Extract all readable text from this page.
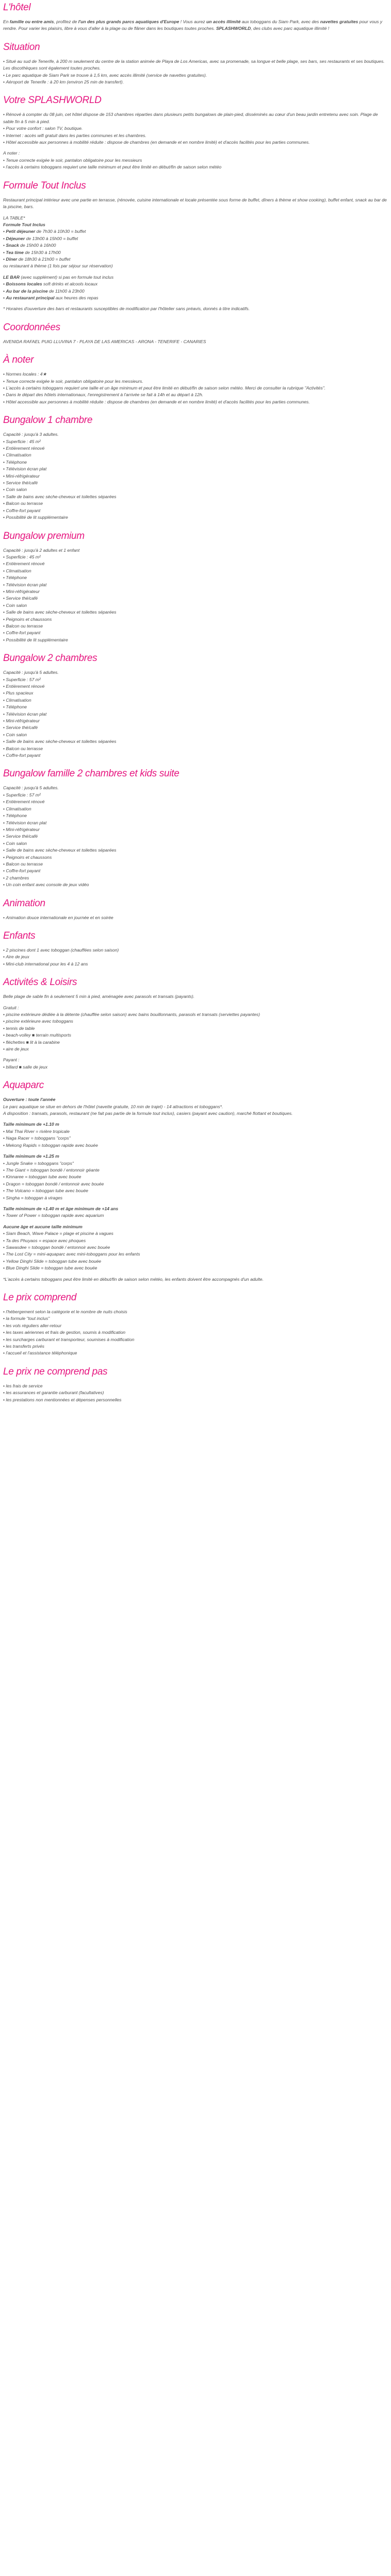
L'hôtel

En famille ou entre amis, profitez de l'un des plus grands parcs aquatiques d'Europe ! Vous aurez un accès illimité aux toboggans du Siam Park, avec des navettes gratuites pour vous y rendre. Pour varier les plaisirs, libre à vous d'aller à la plage ou de flâner dans les boutiques toutes proches. SPLASHWORLD, des clubs avec parc aquatique illimité !

Situation
• Situé au sud de Tenerife, à 200 m seulement du centre de la station animée de Playa de Los Americas, avec sa promenade, sa longue et belle plage, ses bars, ses restaurants et ses boutiques. Les discothèques sont également toutes proches.
• Le parc aquatique de Siam Park se trouve à 1,5 km, avec accès illimité (service de navettes gratuites).
• Aéroport de Tenerife : à 20 km (environ 25 min de transfert).
Votre SPLASHWORLD
• Rénové à compter du 08 juin, cet hôtel dispose de 153 chambres réparties dans plusieurs petits bungalows de plain-pied, disséminés au cœur d'un beau jardin entretenu avec soin. Plage de sable fin à 5 min à pied.
• Pour votre confort : salon TV, boutique.
• Internet : accès wifi gratuit dans les parties communes et les chambres.
• Hôtel accessible aux personnes à mobilité réduite : dispose de chambres (en demande et en nombre limité) et d'accès facilités pour les parties communes.

A noter :

• Tenue correcte exigée le soir, pantalon obligatoire pour les messieurs
• l'accès à certains toboggans requiert une taille minimum et peut être limité en début/fin de saison selon météo
Formule Tout Inclus

Restaurant principal intérieur avec une partie en terrasse, (rénovée, cuisine internationale et locale présentée sous forme de buffet, dîners à thème et show cooking), buffet enfant, snack au bar de la piscine, bars.

LA TABLE*

Formule Tout Inclus

• Petit déjeuner de 7h30 à 10h30 = buffet
• Déjeuner de 13h00 à 15h00 = buffet
• Snack de 15h00 à 16h00
• Tea time de 15h30 à 17h00
• Dîner de 18h30 à 21h00 = buffet

ou restaurant à thème (1 fois par séjour sur réservation)

LE BAR (avec supplément) si pas en formule tout inclus

• Boissons locales soft drinks et alcools locaux
• Au bar de la piscine de 11h00 à 23h00
• Au restaurant principal aux heures des repas

* Horaires d'ouverture des bars et restaurants susceptibles de modification par l'hôtelier sans préavis, donnés à titre indicatifs.

Coordonnées

AVENIDA RAFAEL PUIG LLUVINA 7 - PLAYA DE LAS AMERICAS - ARONA - TENERIFE - CANARIES

À noter
• Normes locales : 4★
• Tenue correcte exigée le soir, pantalon obligatoire pour les messieurs.
• L'accès à certains toboggans requiert une taille et un âge minimum et peut être limité en début/fin de saison selon météo. Merci de consulter la rubrique "Activités".
• Dans le départ des hôtels internationaux, l'enregistrement à l'arrivée se fait à 14h et au départ à 12h.
• Hôtel accessible aux personnes à mobilité réduite : dispose de chambres (en demande et en nombre limité) et d'accès facilités pour les parties communes.
Bungalow 1 chambre

Capacité : jusqu'à 3 adultes.

• Superficie : 45 m²
• Entièrement rénové
• Climatisation
• Téléphone
• Télévision écran plat
• Mini-réfrigérateur
• Service thé/café
• Coin salon
• Salle de bains avec sèche-cheveux et toilettes séparées
• Balcon ou terrasse
• Coffre-fort payant
• Possibilité de lit supplémentaire
Bungalow premium

Capacité : jusqu'à 2 adultes et 1 enfant

• Superficie : 45 m²
• Entièrement rénové
• Climatisation
• Téléphone
• Télévision écran plat
• Mini-réfrigérateur
• Service thé/café
• Coin salon
• Salle de bains avec sèche-cheveux et toilettes séparées
• Peignoirs et chaussons
• Balcon ou terrasse
• Coffre-fort payant
• Possibilité de lit supplémentaire
Bungalow 2 chambres

Capacité : jusqu'à 5 adultes.

• Superficie : 57 m²
• Entièrement rénové
• Plus spacieux
• Climatisation
• Téléphone
• Télévision écran plat
• Mini-réfrigérateur
• Service thé/café
• Coin salon
• Salle de bains avec sèche-cheveux et toilettes séparées
• Balcon ou terrasse
• Coffre-fort payant
Bungalow famille 2 chambres et kids suite

Capacité : jusqu'à 5 adultes.

• Superficie : 57 m²
• Entièrement rénové
• Climatisation
• Téléphone
• Télévision écran plat
• Mini-réfrigérateur
• Service thé/café
• Coin salon
• Salle de bains avec sèche-cheveux et toilettes séparées
• Peignoirs et chaussons
• Balcon ou terrasse
• Coffre-fort payant
• 2 chambres
• Un coin enfant avec console de jeux vidéo
Animation
• Animation douce internationale en journée et en soirée
Enfants
• 2 piscines dont 1 avec toboggan (chauffées selon saison)
• Aire de jeux
• Mini-club international pour les 4 à 12 ans
Activités & Loisirs

Belle plage de sable fin à seulement 5 min à pied, aménagée avec parasols et transats (payants).

Gratuit :

• piscine extérieure dédiée à la détente (chauffée selon saison) avec bains bouillonnants, parasols et transats (serviettes payantes)
• piscine extérieure avec toboggans
• tennis de table
• beach-volley ■ terrain multisports
• fléchettes ■ lit à la carabine
• aire de jeux

Payant :

• billard ■ salle de jeux
Aquaparc

Ouverture : toute l'année

Le parc aquatique se situe en dehors de l'hôtel (navette gratuite, 10 min de trajet) - 14 attractions et toboggans*.

A disposition : transats, parasols, restaurant (ne fait pas partie de la formule tout inclus), casiers (payant avec caution), marché flottant et boutiques.

Taille minimum de +1.10 m

• Mai Thai River = rivière tropicale
• Naga Racer = toboggans "corps"
• Mekong Rapids = toboggan rapide avec bouée

Taille minimum de +1.25 m

• Jungle Snake = toboggans "corps"
• The Giant = toboggan bondé / entonnoir géante
• Kinnaree = toboggan tube avec bouée
• Dragon = toboggan bondé / entonnoir avec bouée
• The Volcano = toboggan tube avec bouée
• Singha = toboggan à virages

Taille minimum de +1.40 m et âge minimum de +14 ans

• Tower of Power = toboggan rapide avec aquarium

Aucune âge et aucune taille minimum

• Siam Beach, Wave Palace = plage et piscine à vagues
• Ta des Phuyaos = espace avec phoques
• Sawasdee = toboggan bondé / entonnoir avec bouée
• The Lost City = mini-aquaparc avec mini-toboggans pour les enfants
• Yellow Dinghi Slide = toboggan tube avec bouée
• Blue Dinghi Slide = toboggan tube avec bouée

*L'accès à certains toboggans peut être limité en début/fin de saison selon météo, les enfants doivent être accompagnés d'un adulte.

Le prix comprend
• l'hébergement selon la catégorie et le nombre de nuits choisis
• la formule "tout inclus"
• les vols réguliers aller-retour
• les taxes aériennes et frais de gestion, soumis à modification
• les surcharges carburant et transporteur, soumises à modification
• les transferts privés
• l'accueil et l'assistance téléphonique
Le prix ne comprend pas
• les frais de service
• les assurances et garantie carburant (facultatives)
• les prestations non mentionnées et dépenses personnelles
